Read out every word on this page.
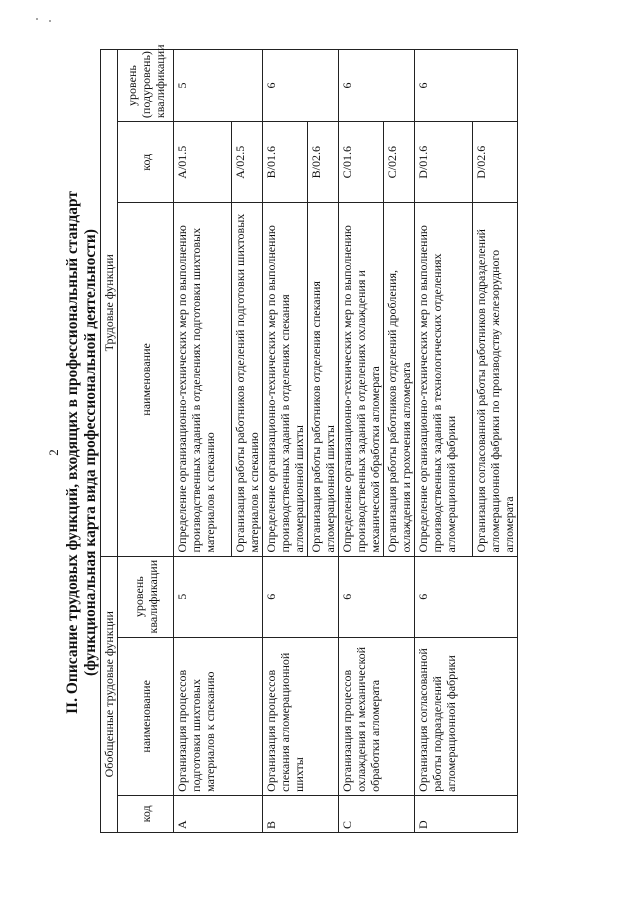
2 II. Описание трудовых функций, входящих в профессиональный стандарт (функциональная карта вида профессиональной деятельности)
Обобщенные трудовые функции			Трудовые функции		
код	наименование	уровень квалификации	наименование	код	уровень (подуровень) квалификации
A	Организация процессов подготовки шихтовых материалов к спеканию	5	Определение организационно-технических мер по выполнению производственных заданий в отделениях подготовки шихтовых материалов к спеканию	A/01.5	5
			Организация работы работников отделений подготовки шихтовых материалов к спеканию	A/02.5	
B	Организация процессов спекания агломерационной шихты	6	Определение организационно-технических мер по выполнению производственных заданий в отделениях спекания агломерационной шихты	B/01.6	6
			Организация работы работников отделения спекания агломерационной шихты	B/02.6	
C	Организация процессов охлаждения и механической обработки агломерата	6	Определение организационно-технических мер по выполнению производственных заданий в отделениях охлаждения и механической обработки агломерата	C/01.6	6
			Организация работы работников отделений дробления, охлаждения и грохочения агломерата	C/02.6	
D	Организация согласованной работы подразделений агломерационной фабрики	6	Определение организационно-технических мер по выполнению производственных заданий в технологических отделениях агломерационной фабрики	D/01.6	6
			Организация согласованной работы работников подразделений агломерационной фабрики по производству железорудного агломерата	D/02.6	
